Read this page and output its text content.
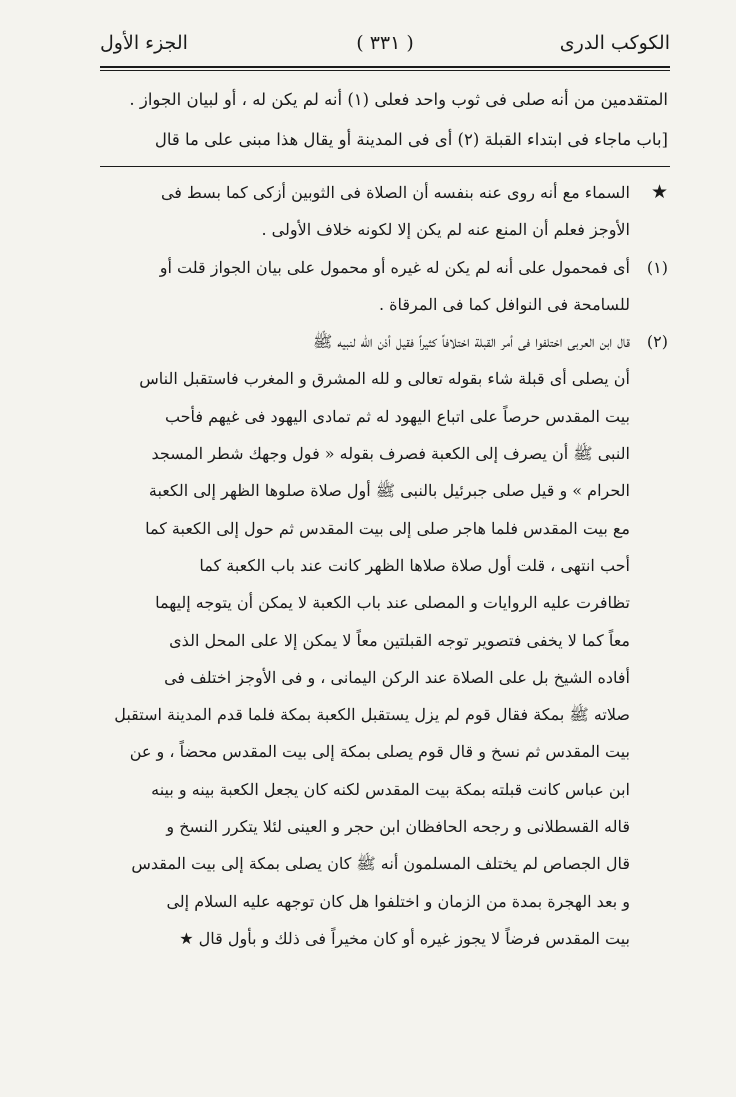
الكوكب الدرى
( ٣٣١ )
الجزء الأول

المتقدمين من أنه صلى فى ثوب واحد فعلى (١) أنه لم يكن له ، أو لبيان الجواز .

[باب ماجاء فى ابتداء القبلة (٢) أى فى المدينة أو يقال هذا مبنى على ما قال

★
السماء مع أنه روى عنه بنفسه أن الصلاة فى الثوبين أزكى كما بسط فى
الأوجز فعلم أن المنع عنه لم يكن إلا لكونه خلاف الأولى .
(١)
أى فمحمول على أنه لم يكن له غيره أو محمول على بيان الجواز قلت أو
للسامحة فى النوافل كما فى المرقاة .
(٢)
قال ابن العربى اختلفوا فى أمر القبلة اختلافاً كثيراً فقيل أذن الله لنبيه ﷺ
أن يصلى أى قبلة شاء بقوله تعالى و لله المشرق و المغرب فاستقبل الناس
بيت المقدس حرصاً على اتباع اليهود له ثم تمادى اليهود فى غيهم فأحب
النبى ﷺ أن يصرف إلى الكعبة فصرف بقوله « فول وجهك شطر المسجد
الحرام » و قيل صلى جبرئيل بالنبى ﷺ أول صلاة صلوها الظهر إلى الكعبة
مع بيت المقدس فلما هاجر صلى إلى بيت المقدس ثم حول إلى الكعبة كما
أحب انتهى ، قلت أول صلاة صلاها الظهر كانت عند باب الكعبة كما
تظافرت عليه الروايات و المصلى عند باب الكعبة لا يمكن أن يتوجه إليهما
معاً كما لا يخفى فتصوير توجه القبلتين معاً لا يمكن إلا على المحل الذى
أفاده الشيخ بل على الصلاة عند الركن اليمانى ، و فى الأوجز اختلف فى
صلاته ﷺ بمكة فقال قوم لم يزل يستقبل الكعبة بمكة فلما قدم المدينة استقبل
بيت المقدس ثم نسخ و قال قوم يصلى بمكة إلى بيت المقدس محضاً ، و عن
ابن عباس كانت قبلته بمكة بيت المقدس لكنه كان يجعل الكعبة بينه و بينه
قاله القسطلانى و رجحه الحافظان ابن حجر و العينى لئلا يتكرر النسخ و
قال الجصاص لم يختلف المسلمون أنه ﷺ كان يصلى بمكة إلى بيت المقدس
و بعد الهجرة بمدة من الزمان و اختلفوا هل كان توجهه عليه السلام إلى
بيت المقدس فرضاً لا يجوز غيره أو كان مخيراً فى ذلك و بأول قال ★
